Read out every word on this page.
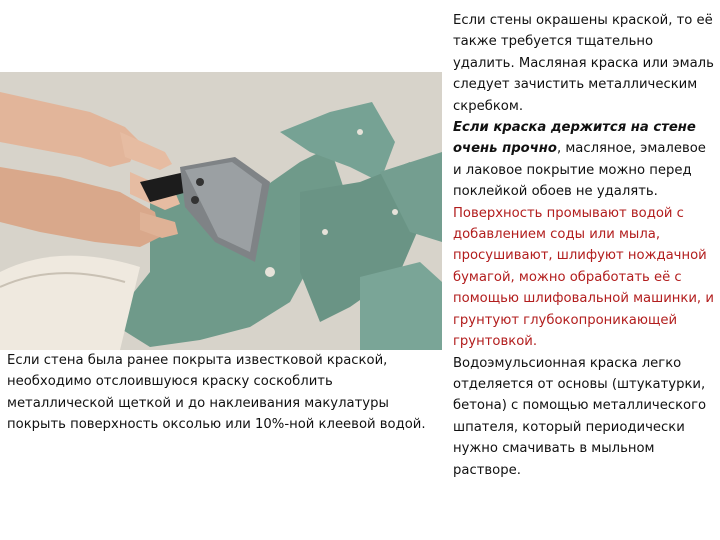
Если стены окрашены краской, то её также требуется тщательно удалить. Масляная краска или эмаль следует зачистить металлическим скребком.

Если краска держится на стене очень прочно, масляное, эмалевое и лаковое покрытие можно перед поклейкой обоев не удалять.

Поверхность промывают водой с добавлением соды или мыла, просушивают, шлифуют нождачной бумагой, можно обработать её с помощью шлифовальной машинки, и грунтуют глубокопроникающей грунтовкой.

Водоэмульсионная краска легко отделяется от основы (штукатурки, бетона) с помощью металлического шпателя, который периодически нужно смачивать в мыльном растворе.

Если стена была ранее покрыта известковой краской, необходимо отслоившуюся краску соскоблить металлической щеткой и до наклеивания макулатуры покрыть поверхность оксолью или 10%-ной клеевой водой.
